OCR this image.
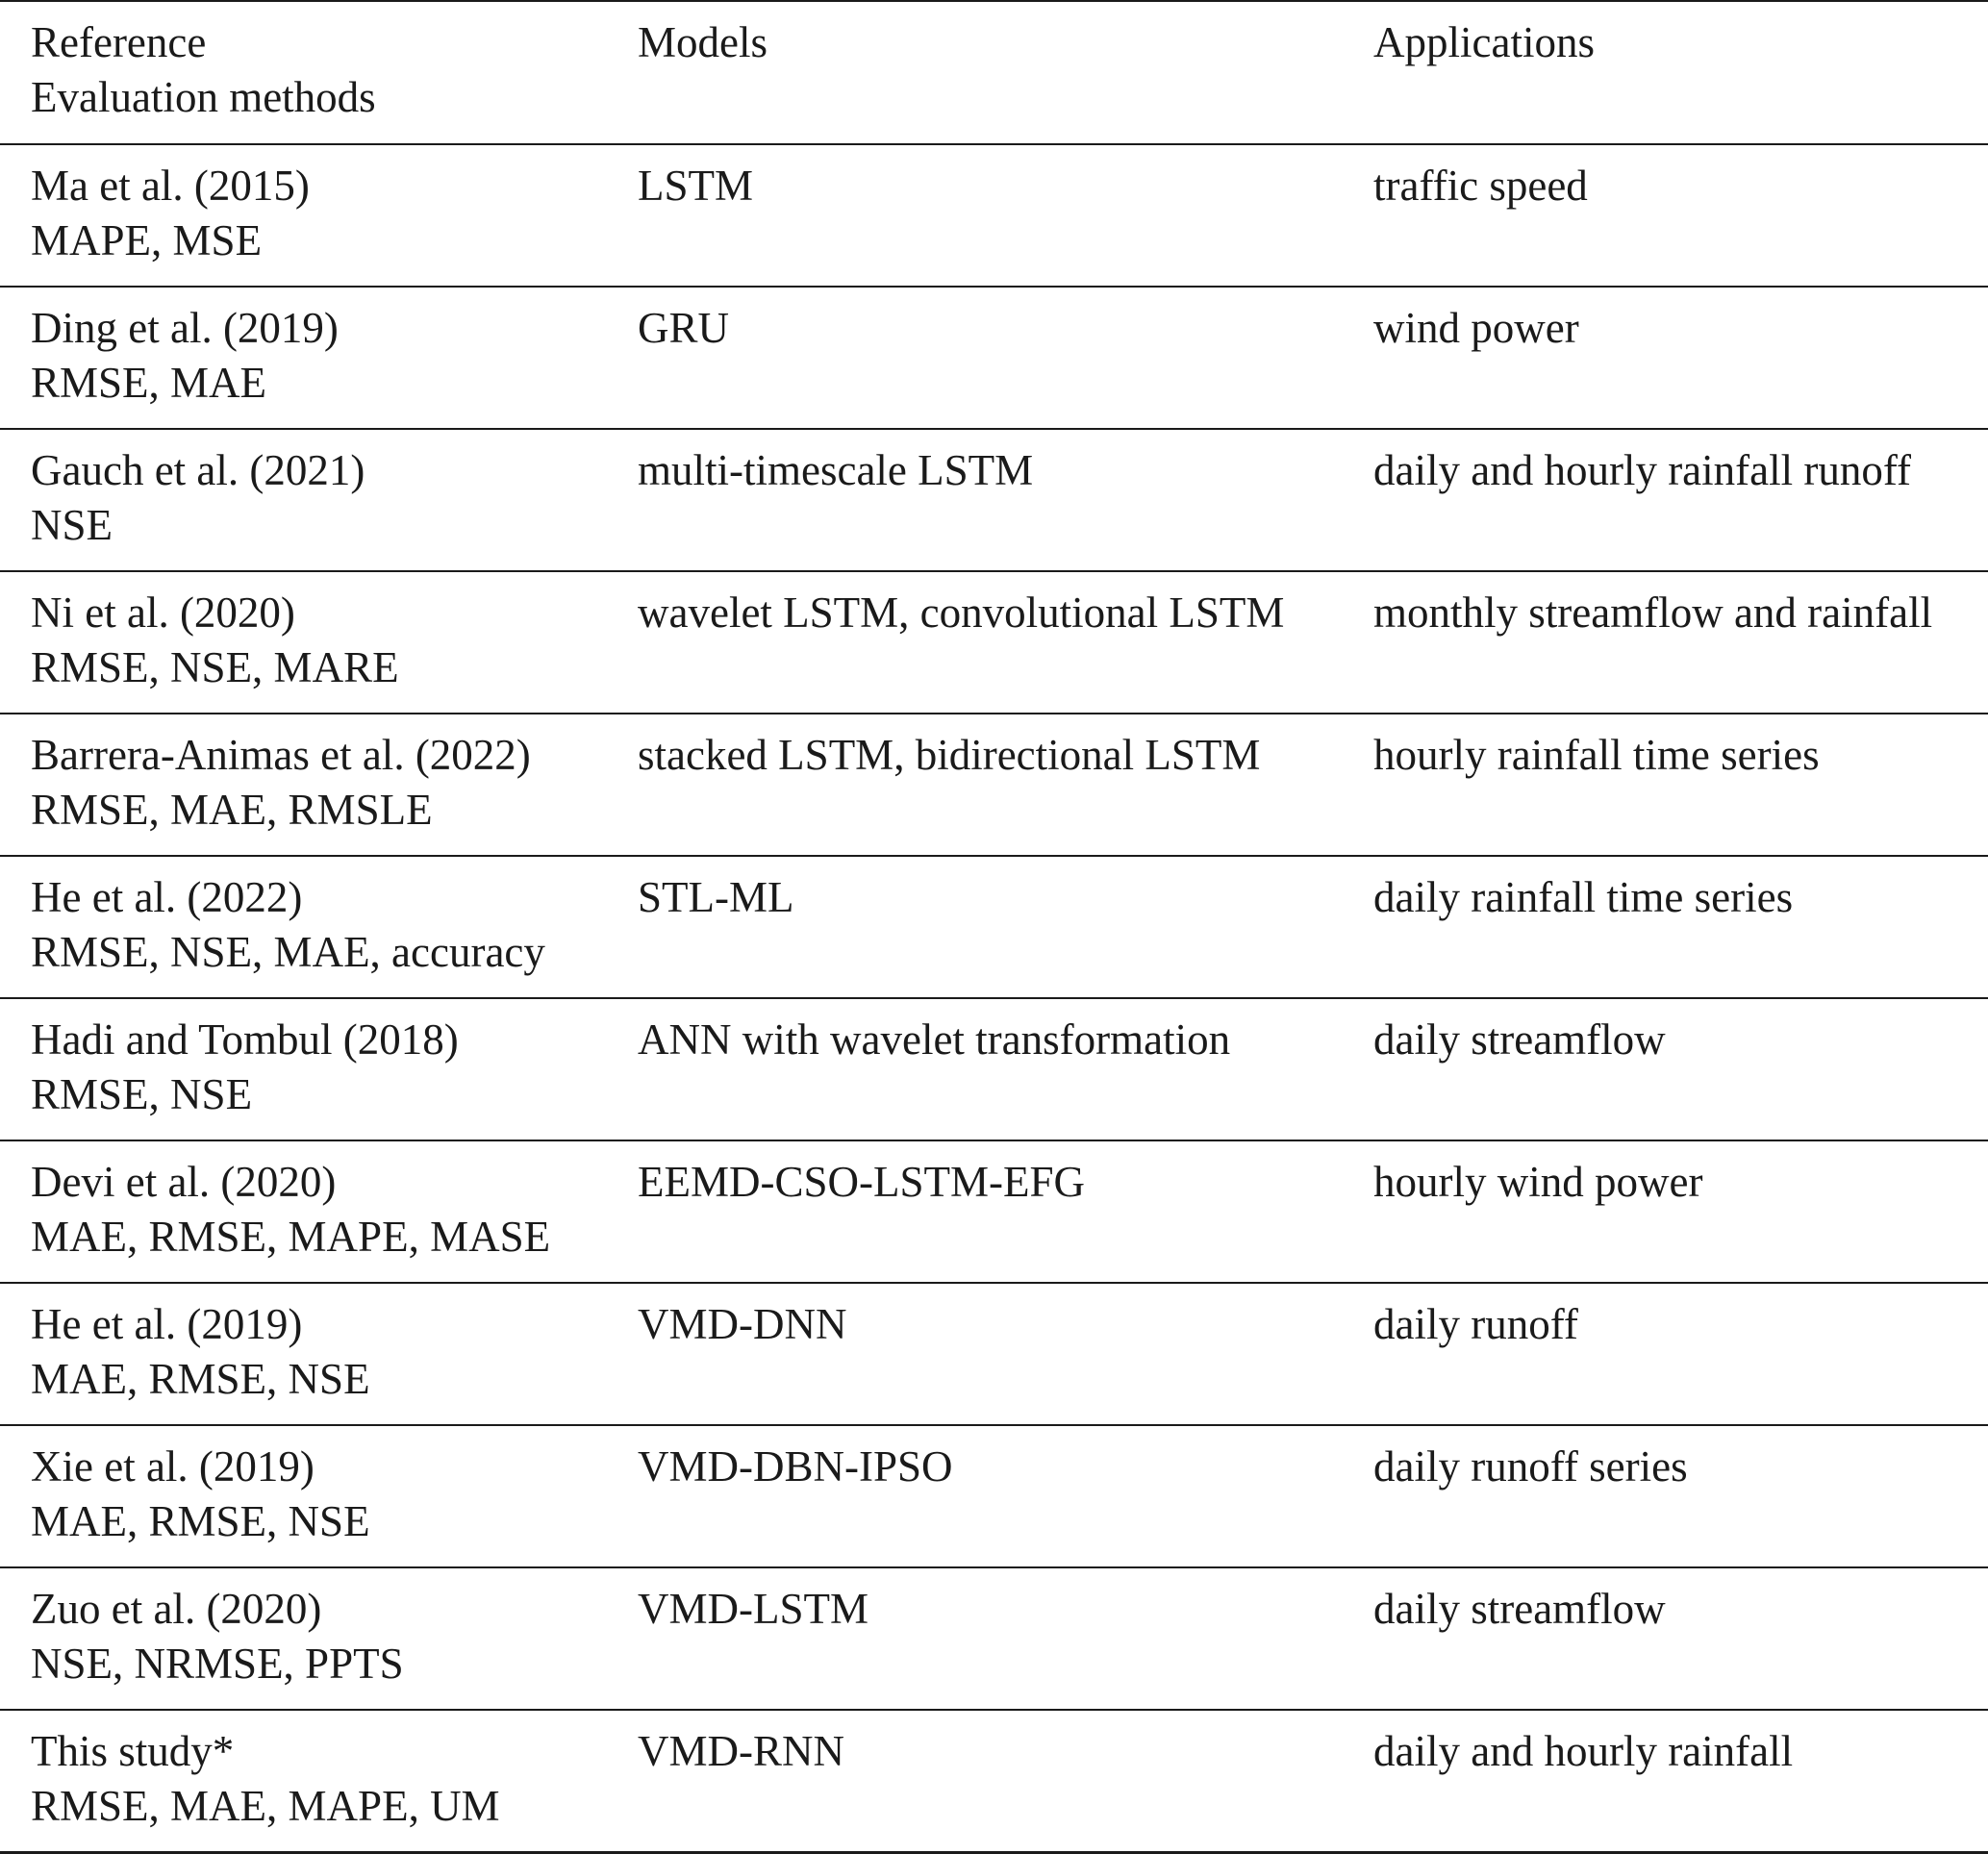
Reference
Evaluation methods	Models	Applications

Ma et al. (2015)
MAPE, MSE	LSTM	traffic speed

Ding et al. (2019)
RMSE, MAE	GRU	wind power

Gauch et al. (2021)
NSE	multi-timescale LSTM	daily and hourly rainfall runoff

Ni et al. (2020)
RMSE, NSE, MARE	wavelet LSTM, convolutional LSTM	monthly streamflow and rainfall

Barrera-Animas et al. (2022)
RMSE, MAE, RMSLE	stacked LSTM, bidirectional LSTM	hourly rainfall time series

He et al. (2022)
RMSE, NSE, MAE, accuracy	STL-ML	daily rainfall time series

Hadi and Tombul (2018)
RMSE, NSE	ANN with wavelet transformation	daily streamflow

Devi et al. (2020)
MAE, RMSE, MAPE, MASE	EEMD-CSO-LSTM-EFG	hourly wind power

He et al. (2019)
MAE, RMSE, NSE	VMD-DNN	daily runoff

Xie et al. (2019)
MAE, RMSE, NSE	VMD-DBN-IPSO	daily runoff series

Zuo et al. (2020)
NSE, NRMSE, PPTS	VMD-LSTM	daily streamflow

This study*
RMSE, MAE, MAPE, UM	VMD-RNN	daily and hourly rainfall
